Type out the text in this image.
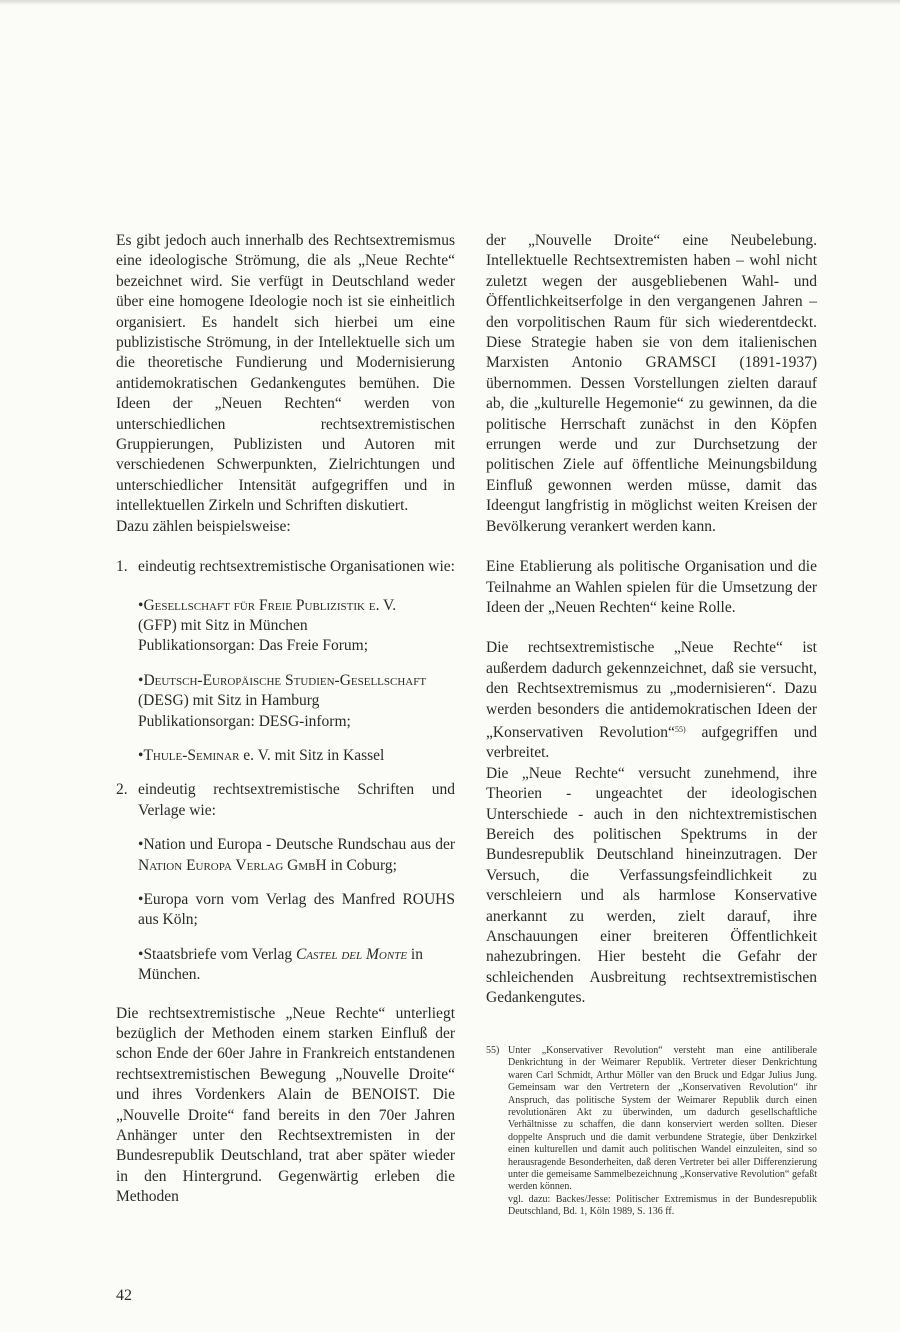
Es gibt jedoch auch innerhalb des Rechtsextremismus eine ideologische Strömung, die als „Neue Rechte“ bezeichnet wird. Sie verfügt in Deutschland weder über eine homogene Ideologie noch ist sie einheitlich organisiert. Es handelt sich hierbei um eine publizistische Strömung, in der Intellektuelle sich um die theoretische Fundierung und Modernisierung antidemokratischen Gedankengutes bemühen. Die Ideen der „Neuen Rechten“ werden von unterschiedlichen rechtsextremistischen Gruppierungen, Publizisten und Autoren mit verschiedenen Schwerpunkten, Zielrichtungen und unterschiedlicher Intensität aufgegriffen und in intellektuellen Zirkeln und Schriften diskutiert.

Dazu zählen beispielsweise:

1. eindeutig rechtsextremistische Organisationen wie:
•Gesellschaft für Freie Publizistik e. V.
(GFP) mit Sitz in München
Publikationsorgan: Das Freie Forum;
•Deutsch-Europäische Studien-Gesellschaft
(DESG) mit Sitz in Hamburg
Publikationsorgan: DESG-inform;
•Thule-Seminar e. V. mit Sitz in Kassel
2. eindeutig rechtsextremistische Schriften und Verlage wie:
•Nation und Europa - Deutsche Rundschau aus der Nation Europa Verlag GmbH in Coburg;
•Europa vorn vom Verlag des Manfred ROUHS aus Köln;
•Staatsbriefe vom Verlag Castel del Monte in München.

Die rechtsextremistische „Neue Rechte“ unterliegt bezüglich der Methoden einem starken Einfluß der schon Ende der 60er Jahre in Frankreich entstandenen rechtsextremistischen Bewegung „Nouvelle Droite“ und ihres Vordenkers Alain de BENOIST. Die „Nouvelle Droite“ fand bereits in den 70er Jahren Anhänger unter den Rechtsextremisten in der Bundesrepublik Deutschland, trat aber später wieder in den Hintergrund. Gegenwärtig erleben die Methoden

der „Nouvelle Droite“ eine Neubelebung. Intellektuelle Rechtsextremisten haben – wohl nicht zuletzt wegen der ausgebliebenen Wahl- und Öffentlichkeitserfolge in den vergangenen Jahren – den vorpolitischen Raum für sich wiederentdeckt. Diese Strategie haben sie von dem italienischen Marxisten Antonio GRAMSCI (1891-1937) übernommen. Dessen Vorstellungen zielten darauf ab, die „kulturelle Hegemonie“ zu gewinnen, da die politische Herrschaft zunächst in den Köpfen errungen werde und zur Durchsetzung der politischen Ziele auf öffentliche Meinungsbildung Einfluß gewonnen werden müsse, damit das Ideengut langfristig in möglichst weiten Kreisen der Bevölkerung verankert werden kann.

Eine Etablierung als politische Organisation und die Teilnahme an Wahlen spielen für die Umsetzung der Ideen der „Neuen Rechten“ keine Rolle.

Die rechtsextremistische „Neue Rechte“ ist außerdem dadurch gekennzeichnet, daß sie versucht, den Rechtsextremismus zu „modernisieren“. Dazu werden besonders die antidemokratischen Ideen der „Konservativen Revolution“$^{55)}$ aufgegriffen und verbreitet.

Die „Neue Rechte“ versucht zunehmend, ihre Theorien - ungeachtet der ideologischen Unterschiede - auch in den nichtextremistischen Bereich des politischen Spektrums in der Bundesrepublik Deutschland hineinzutragen. Der Versuch, die Verfassungsfeindlichkeit zu verschleiern und als harmlose Konservative anerkannt zu werden, zielt darauf, ihre Anschauungen einer breiteren Öffentlichkeit nahezubringen. Hier besteht die Gefahr der schleichenden Ausbreitung rechtsextremistischen Gedankengutes.

55) Unter „Konservativer Revolution“ versteht man eine antiliberale Denkrichtung in der Weimarer Republik. Vertreter dieser Denkrichtung waren Carl Schmidt, Arthur Möller van den Bruck und Edgar Julius Jung. Gemeinsam war den Vertretern der „Konservativen Revolution“ ihr Anspruch, das politische System der Weimarer Republik durch einen revolutionären Akt zu überwinden, um dadurch gesellschaftliche Verhältnisse zu schaffen, die dann konserviert werden sollten. Dieser doppelte Anspruch und die damit verbundene Strategie, über Denkzirkel einen kulturellen und damit auch politischen Wandel einzuleiten, sind so herausragende Besonderheiten, daß deren Vertreter bei aller Differenzierung unter die gemeisame Sammelbezeichnung „Konservative Revolution“ gefaßt werden können.

vgl. dazu: Backes/Jesse: Politischer Extremismus in der Bundesrepublik Deutschland, Bd. 1, Köln 1989, S. 136 ff.

42
